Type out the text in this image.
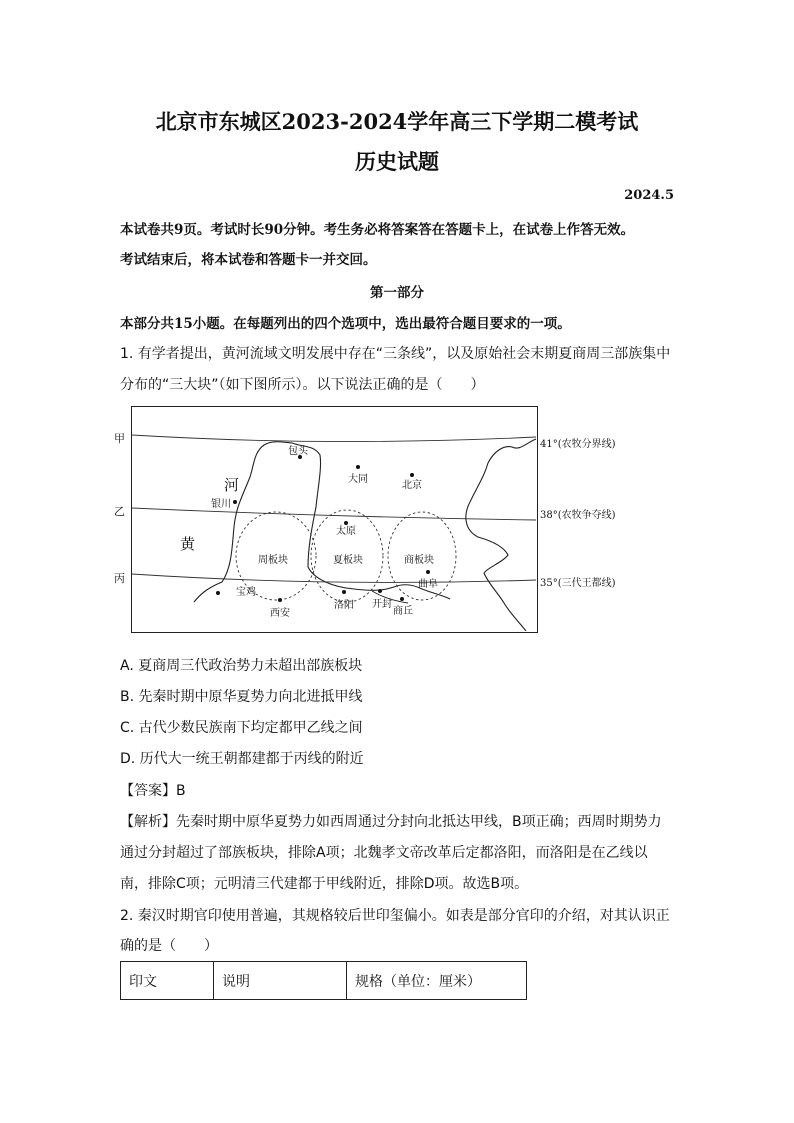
北京市东城区2023-2024学年高三下学期二模考试
历史试题
2024.5
本试卷共9页。考试时长90分钟。考生务必将答案答在答题卡上，在试卷上作答无效。
考试结束后，将本试卷和答题卡一并交回。
第一部分
本部分共15小题。在每题列出的四个选项中，选出最符合题目要求的一项。
1. 有学者提出，黄河流域文明发展中存在“三条线”，以及原始社会末期夏商周三部族集中
分布的“三大块”（如下图所示）。以下说法正确的是（　　）
甲
乙
丙
41°(农牧分界线)
38°(农牧争夺线)
35°(三代王都线)
河
黄
包头
大同
北京
银川
太原
周板块	夏板块	商板块
曲阜
宝鸡
西安
洛阳 开封
商丘
A. 夏商周三代政治势力未超出部族板块
B. 先秦时期中原华夏势力向北进抵甲线
C. 古代少数民族南下均定都甲乙线之间
D. 历代大一统王朝都建都于丙线的附近
【答案】B
【解析】先秦时期中原华夏势力如西周通过分封向北抵达甲线，B项正确；西周时期势力
通过分封超过了部族板块，排除A项；北魏孝文帝改革后定都洛阳，而洛阳是在乙线以
南，排除C项；元明清三代建都于甲线附近，排除D项。故选B项。
2. 秦汉时期官印使用普遍，其规格较后世印玺偏小。如表是部分官印的介绍，对其认识正
确的是（　　）
印文	说明	规格（单位：厘米）
